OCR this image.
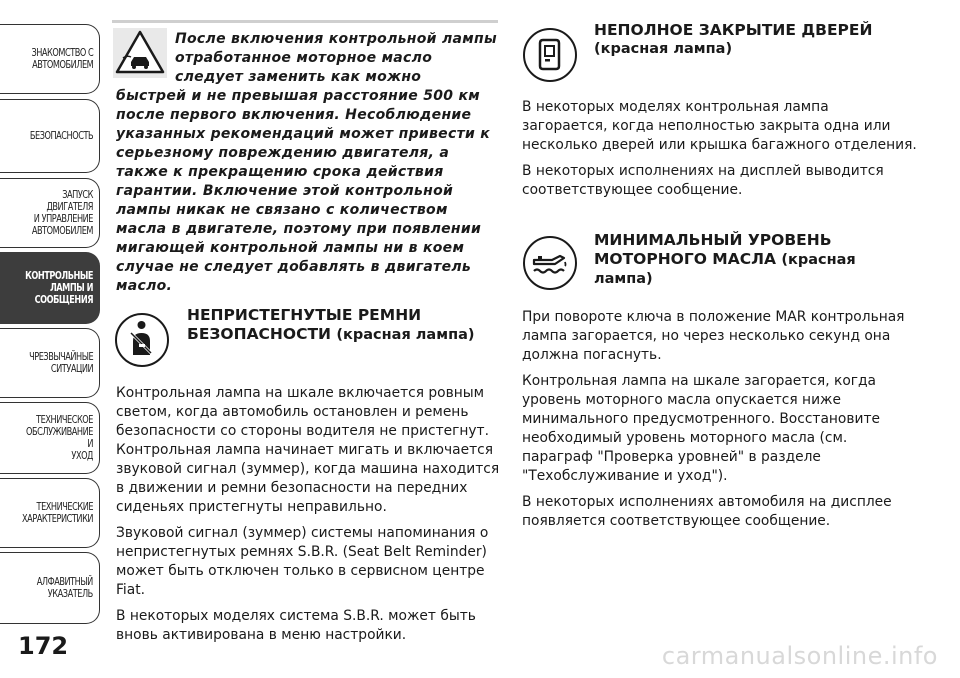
ЗНАКОМСТВО С
АВТОМОБИЛЕМ
БЕЗОПАСНОСТЬ
ЗАПУСК ДВИГАТЕЛЯ
И УПРАВЛЕНИЕ
АВТОМОБИЛЕМ
КОНТРОЛЬНЫЕ
ЛАМПЫ И
СООБЩЕНИЯ
ЧРЕЗВЫЧАЙНЫЕ
СИТУАЦИИ
ТЕХНИЧЕСКОЕ
ОБСЛУЖИВАНИЕ И
УХОД
ТЕХНИЧЕСКИЕ
ХАРАКТЕРИСТИКИ
АЛФАВИТНЫЙ
УКАЗАТЕЛЬ
172

После включения контрольной лампы

отработанное моторное масло

следует заменить как можно

быстрей и не превышая расстояние 500 км после первого включения. Несоблюдение указанных рекомендаций может привести к серьезному повреждению двигателя, а также к прекращению срока действия гарантии. Включение этой контрольной лампы никак не связано с количеством масла в двигателе, поэтому при появлении мигающей контрольной лампы ни в коем случае не следует добавлять в двигатель масло.

НЕПРИСТЕГНУТЫЕ РЕМНИ

БЕЗОПАСНОСТИ (красная лампа)

Контрольная лампа на шкале включается ровным светом, когда автомобиль остановлен и ремень безопасности со стороны водителя не пристегнут. Контрольная лампа начинает мигать и включается звуковой сигнал (зуммер), когда машина находится в движении и ремни безопасности на передних сиденьях пристегнуты неправильно.

Звуковой сигнал (зуммер) системы напоминания о непристегнутых ремнях S.B.R. (Seat Belt Reminder) может быть отключен только в сервисном центре Fiat.

В некоторых моделях система S.B.R. может быть вновь активирована в меню настройки.

НЕПОЛНОЕ ЗАКРЫТИЕ ДВЕРЕЙ

(красная лампа)

В некоторых моделях контрольная лампа загорается, когда неполностью закрыта одна или несколько дверей или крышка багажного отделения.

В некоторых исполнениях на дисплей выводится соответствующее сообщение.

МИНИМАЛЬНЫЙ УРОВЕНЬ

МОТОРНОГО МАСЛА (красная

лампа)

При повороте ключа в положение MAR контрольная лампа загорается, но через несколько секунд она должна погаснуть.

Контрольная лампа на шкале загорается, когда уровень моторного масла опускается ниже минимального предусмотренного. Восстановите необходимый уровень моторного масла (см. параграф "Проверка уровней" в разделе "Техобслуживание и уход").

В некоторых исполнениях автомобиля на дисплее появляется соответствующее сообщение.

carmanualsonline.info
